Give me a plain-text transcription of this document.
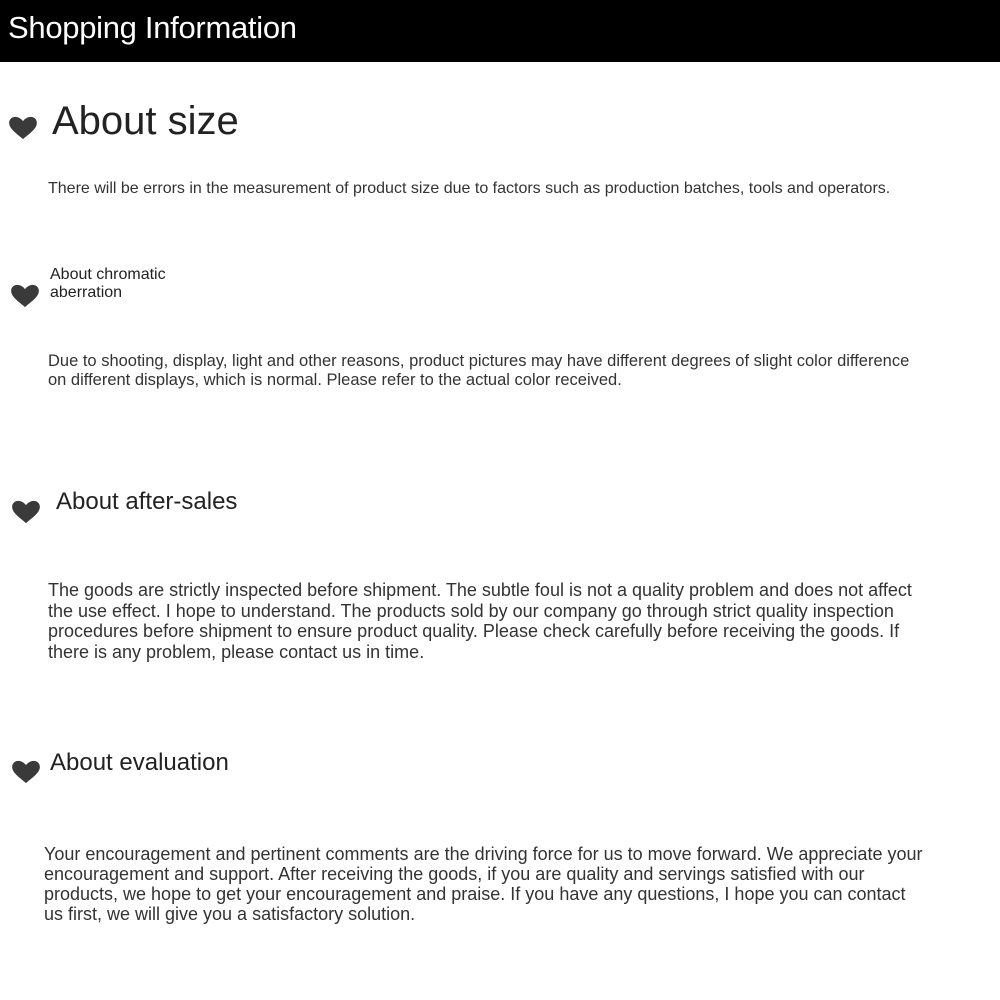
Shopping Information
About size
There will be errors in the measurement of product size due to factors such as production batches, tools and operators.
About chromatic aberration
Due to shooting, display, light and other reasons, product pictures may have different degrees of slight color difference on different displays, which is normal. Please refer to the actual color received.
About after-sales
The goods are strictly inspected before shipment. The subtle foul is not a quality problem and does not affect the use effect. I hope to understand. The products sold by our company go through strict quality inspection procedures before shipment to ensure product quality. Please check carefully before receiving the goods. If there is any problem, please contact us in time.
About evaluation
Your encouragement and pertinent comments are the driving force for us to move forward. We appreciate your encouragement and support. After receiving the goods, if you are quality and servings satisfied with our products, we hope to get your encouragement and praise. If you have any questions, I hope you can contact us first, we will give you a satisfactory solution.
